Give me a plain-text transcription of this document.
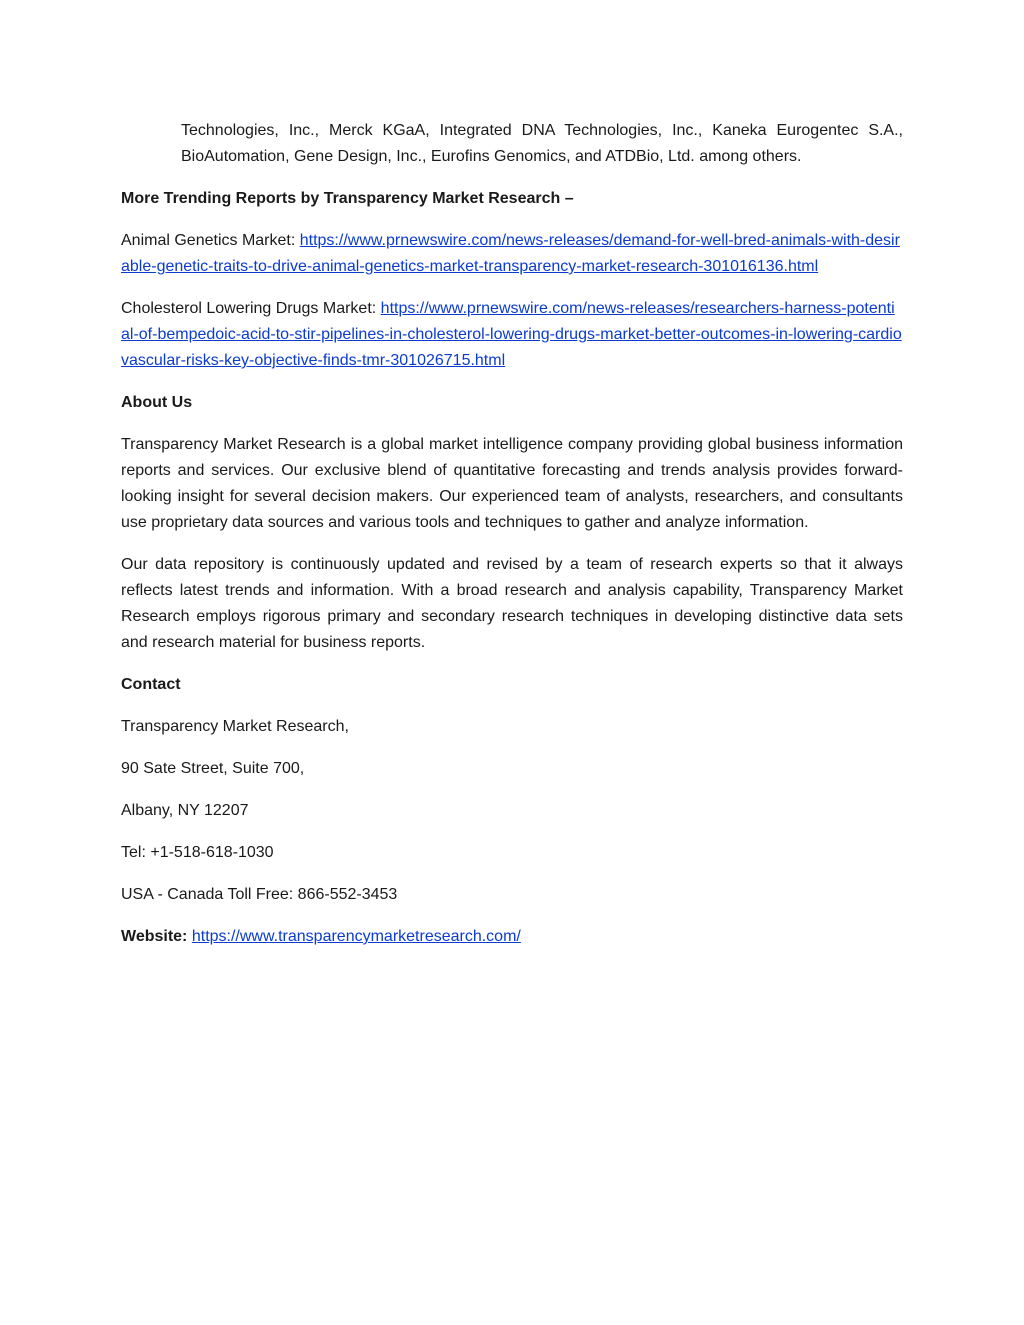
Technologies, Inc., Merck KGaA, Integrated DNA Technologies, Inc., Kaneka Eurogentec S.A., BioAutomation, Gene Design, Inc., Eurofins Genomics, and ATDBio, Ltd. among others.

More Trending Reports by Transparency Market Research –

Animal Genetics Market: https://www.prnewswire.com/news-releases/demand-for-well-bred-animals-with-desirable-genetic-traits-to-drive-animal-genetics-market-transparency-market-research-301016136.html

Cholesterol Lowering Drugs Market: https://www.prnewswire.com/news-releases/researchers-harness-potential-of-bempedoic-acid-to-stir-pipelines-in-cholesterol-lowering-drugs-market-better-outcomes-in-lowering-cardiovascular-risks-key-objective-finds-tmr-301026715.html

About Us

Transparency Market Research is a global market intelligence company providing global business information reports and services. Our exclusive blend of quantitative forecasting and trends analysis provides forward-looking insight for several decision makers. Our experienced team of analysts, researchers, and consultants use proprietary data sources and various tools and techniques to gather and analyze information.

Our data repository is continuously updated and revised by a team of research experts so that it always reflects latest trends and information. With a broad research and analysis capability, Transparency Market Research employs rigorous primary and secondary research techniques in developing distinctive data sets and research material for business reports.

Contact

Transparency Market Research,

90 Sate Street, Suite 700,

Albany, NY 12207

Tel: +1-518-618-1030

USA - Canada Toll Free: 866-552-3453

Website: https://www.transparencymarketresearch.com/
